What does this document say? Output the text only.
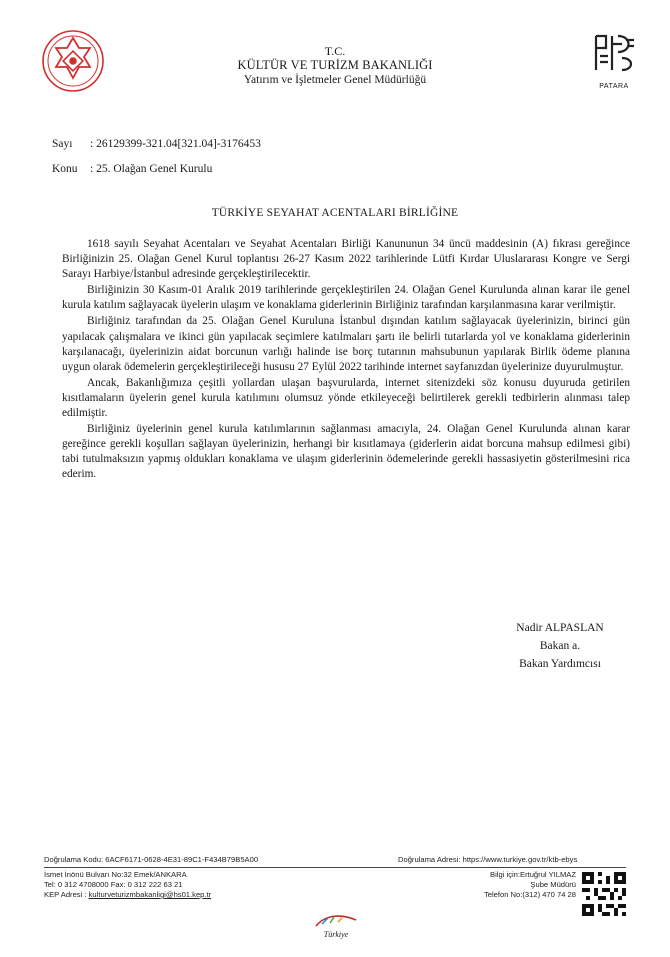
T.C.
KÜLTÜR VE TURİZM BAKANLIĞI
Yatırım ve İşletmeler Genel Müdürlüğü
PATARA
Sayı : 26129399-321.04[321.04]-3176453
Konu : 25. Olağan Genel Kurulu
TÜRKİYE SEYAHAT ACENTALARI BİRLİĞİNE

1618 sayılı Seyahat Acentaları ve Seyahat Acentaları Birliği Kanununun 34 üncü maddesinin (A) fıkrası gereğince Birliğinizin 25. Olağan Genel Kurul toplantısı 26-27 Kasım 2022 tarihlerinde Lütfi Kırdar Uluslararası Kongre ve Sergi Sarayı Harbiye/İstanbul adresinde gerçekleştirilecektir.

Birliğinizin 30 Kasım-01 Aralık 2019 tarihlerinde gerçekleştirilen 24. Olağan Genel Kurulunda alınan karar ile genel kurula katılım sağlayacak üyelerin ulaşım ve konaklama giderlerinin Birliğiniz tarafından karşılanmasına karar verilmiştir.

Birliğiniz tarafından da 25. Olağan Genel Kuruluna İstanbul dışından katılım sağlayacak üyelerinizin, birinci gün yapılacak çalışmalara ve ikinci gün yapılacak seçimlere katılmaları şartı ile belirli tutarlarda yol ve konaklama giderlerinin karşılanacağı, üyelerinizin aidat borcunun varlığı halinde ise borç tutarının mahsubunun yapılarak Birlik ödeme planına uygun olarak ödemelerin gerçekleştirileceği hususu 27 Eylül 2022 tarihinde internet sayfanızdan üyelerinize duyurulmuştur.

Ancak, Bakanlığımıza çeşitli yollardan ulaşan başvurularda, internet sitenizdeki söz konusu duyuruda getirilen kısıtlamaların üyelerin genel kurula katılımını olumsuz yönde etkileyeceği belirtilerek gerekli tedbirlerin alınması talep edilmiştir.

Birliğiniz üyelerinin genel kurula katılımlarının sağlanması amacıyla, 24. Olağan Genel Kurulunda alınan karar gereğince gerekli koşulları sağlayan üyelerinizin, herhangi bir kısıtlamaya (giderlerin aidat borcuna mahsup edilmesi gibi) tabi tutulmaksızın yapmış oldukları konaklama ve ulaşım giderlerinin ödemelerinde gerekli hassasiyetin gösterilmesini rica ederim.

Nadir ALPASLAN
Bakan a.
Bakan Yardımcısı
Doğrulama Kodu: 6ACF6171-0628-4E31-89C1-F434B79B5A00	Doğrulama Adresi: https://www.turkiye.gov.tr/ktb-ebys
İsmet İnönü Bulvarı No:32 Emek/ANKARA
Tel: 0 312 4708000 Fax: 0 312 222 63 21
KEP Adresi : kulturveturizmbakanligi@hs01.kep.tr
Bilgi için:Ertuğrul YILMAZ
Şube Müdürü
Telefon No:(312) 470 74 28
Türkiye
